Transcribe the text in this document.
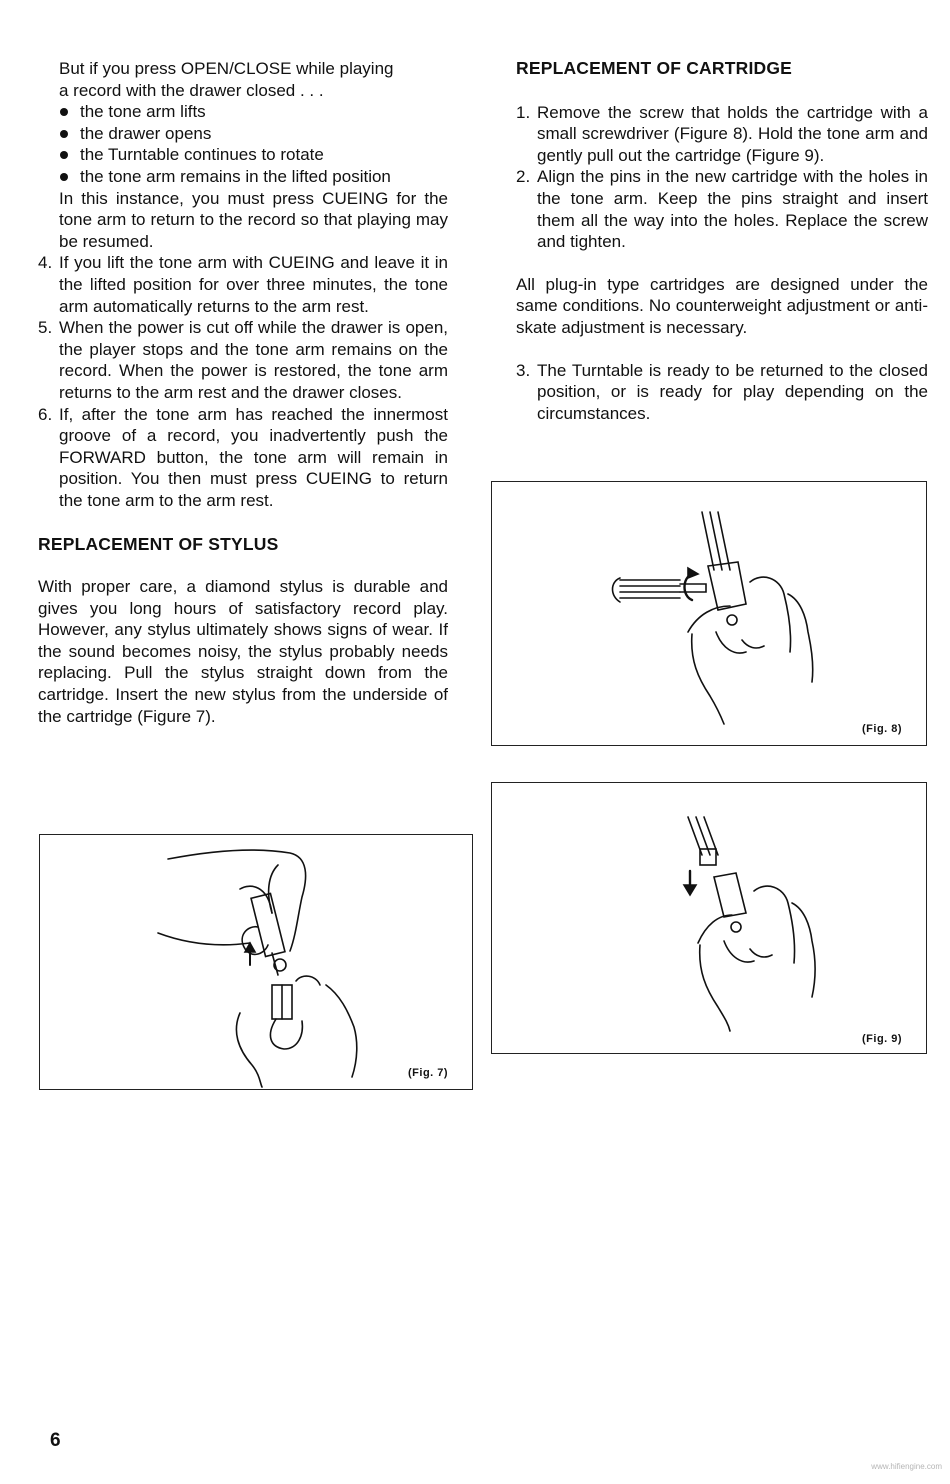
But if you press OPEN/CLOSE while playing

a record with the drawer closed . . .

the tone arm lifts
the drawer opens
the Turntable continues to rotate
the tone arm remains in the lifted position

In this instance, you must press CUEING for the tone arm to return to the record so that playing may be resumed.

4. If you lift the tone arm with CUEING and leave it in the lifted position for over three minutes, the tone arm automatically returns to the arm rest.
5. When the power is cut off while the drawer is open, the player stops and the tone arm remains on the record. When the power is restored, the tone arm returns to the arm rest and the drawer closes.
6. If, after the tone arm has reached the innermost groove of a record, you inadvertently push the FORWARD button, the tone arm will remain in position. You then must press CUEING to return the tone arm to the arm rest.

REPLACEMENT OF STYLUS

With proper care, a diamond stylus is durable and gives you long hours of satisfactory record play. However, any stylus ultimately shows signs of wear. If the sound becomes noisy, the stylus probably needs replacing. Pull the stylus straight down from the cartridge. Insert the new stylus from the underside of the cartridge (Figure 7).

(Fig. 7)

REPLACEMENT OF CARTRIDGE

1. Remove the screw that holds the cartridge with a small screwdriver (Figure 8). Hold the tone arm and gently pull out the cartridge (Figure 9).
2. Align the pins in the new cartridge with the holes in the tone arm. Keep the pins straight and insert them all the way into the holes. Replace the screw and tighten.

All plug-in type cartridges are designed under the same conditions. No counterweight adjustment or anti-skate adjustment is necessary.

3. The Turntable is ready to be returned to the closed position, or is ready for play depending on the circumstances.
(Fig. 8)
(Fig. 9)
6
www.hifiengine.com
